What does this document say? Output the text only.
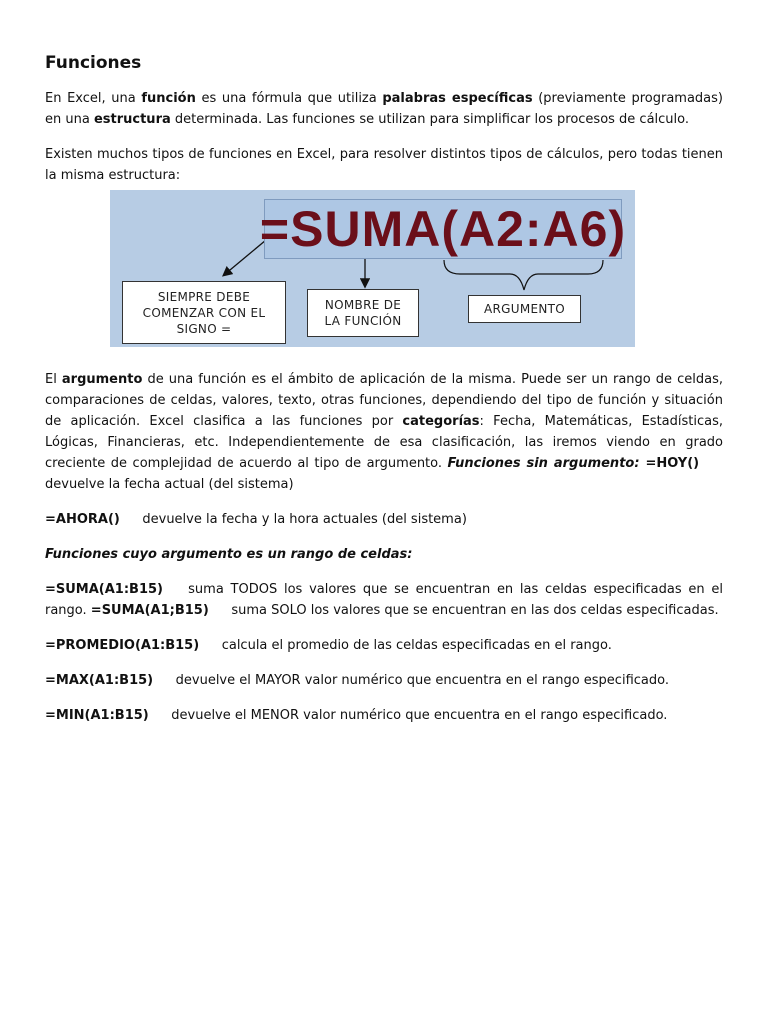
Funciones

En Excel, una función es una fórmula que utiliza palabras específicas (previamente programadas) en una estructura determinada. Las funciones se utilizan para simplificar los procesos de cálculo.

Existen muchos tipos de funciones en Excel, para resolver distintos tipos de cálculos, pero todas tienen la misma estructura:

=SUMA(A2:A6)
SIEMPRE DEBE COMENZAR CON EL SIGNO =
NOMBRE DE LA FUNCIÓN
ARGUMENTO

El argumento de una función es el ámbito de aplicación de la misma. Puede ser un rango de celdas, comparaciones de celdas, valores, texto, otras funciones, dependiendo del tipo de función y situación de aplicación. Excel clasifica a las funciones por categorías: Fecha, Matemáticas, Estadísticas, Lógicas, Financieras, etc. Independientemente de esa clasificación, las iremos viendo en grado creciente de complejidad de acuerdo al tipo de argumento. Funciones sin argumento: =HOY() devuelve la fecha actual (del sistema)

=AHORA() devuelve la fecha y la hora actuales (del sistema)

Funciones cuyo argumento es un rango de celdas:

=SUMA(A1:B15) suma TODOS los valores que se encuentran en las celdas especificadas en el rango. =SUMA(A1;B15) suma SOLO los valores que se encuentran en las dos celdas especificadas.

=PROMEDIO(A1:B15) calcula el promedio de las celdas especificadas en el rango.

=MAX(A1:B15) devuelve el MAYOR valor numérico que encuentra en el rango especificado.

=MIN(A1:B15) devuelve el MENOR valor numérico que encuentra en el rango especificado.
